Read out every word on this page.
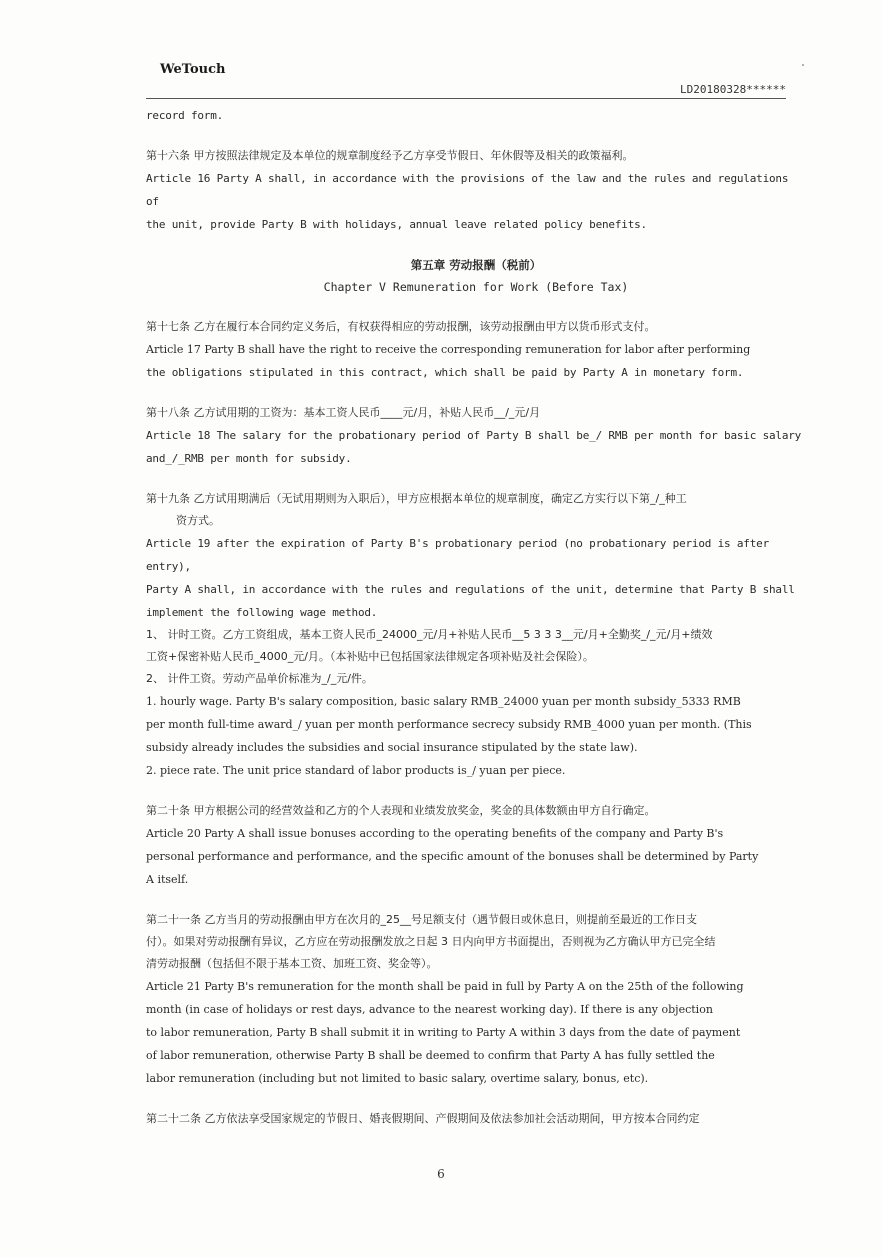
WeTouch
LD20180328******

record form.

第十六条 甲方按照法律规定及本单位的规章制度经予乙方享受节假日、年休假等及相关的政策福利。

Article 16 Party A shall, in accordance with the provisions of the law and the rules and regulations of

the unit, provide Party B with holidays, annual leave related policy benefits.

第五章 劳动报酬（税前）

Chapter V Remuneration for Work (Before Tax)

第十七条 乙方在履行本合同约定义务后，有权获得相应的劳动报酬，该劳动报酬由甲方以货币形式支付。

Article 17 Party B shall have the right to receive the corresponding remuneration for labor after performing

the obligations stipulated in this contract, which shall be paid by Party A in monetary form.

第十八条 乙方试用期的工资为：基本工资人民币____元/月，补贴人民币__/_元/月

Article 18 The salary for the probationary period of Party B shall be_/ RMB per month for basic salary

and_/_RMB per month for subsidy.

第十九条 乙方试用期满后（无试用期则为入职后），甲方应根据本单位的规章制度，确定乙方实行以下第_/_种工

资方式。

Article 19 after the expiration of Party B's probationary period (no probationary period is after entry),

Party A shall, in accordance with the rules and regulations of the unit, determine that Party B shall

implement the following wage method.

1、 计时工资。乙方工资组成，基本工资人民币_24000_元/月+补贴人民币__5 3 3 3__元/月+全勤奖_/_元/月+绩效

工资+保密补贴人民币_4000_元/月。（本补贴中已包括国家法律规定各项补贴及社会保险）。

2、 计件工资。劳动产品单价标准为_/_元/件。

1. hourly wage. Party B's salary composition, basic salary RMB_24000 yuan per month subsidy_5333 RMB

per month full-time award_/ yuan per month performance secrecy subsidy RMB_4000 yuan per month. (This

subsidy already includes the subsidies and social insurance stipulated by the state law).

2. piece rate. The unit price standard of labor products is_/ yuan per piece.

第二十条 甲方根据公司的经营效益和乙方的个人表现和业绩发放奖金，奖金的具体数额由甲方自行确定。

Article 20 Party A shall issue bonuses according to the operating benefits of the company and Party B's

personal performance and performance, and the specific amount of the bonuses shall be determined by Party

A itself.

第二十一条 乙方当月的劳动报酬由甲方在次月的_25__号足额支付（遇节假日或休息日，则提前至最近的工作日支

付）。如果对劳动报酬有异议，乙方应在劳动报酬发放之日起 3 日内向甲方书面提出，否则视为乙方确认甲方已完全结

清劳动报酬（包括但不限于基本工资、加班工资、奖金等）。

Article 21 Party B's remuneration for the month shall be paid in full by Party A on the 25th of the following

month (in case of holidays or rest days, advance to the nearest working day). If there is any objection

to labor remuneration, Party B shall submit it in writing to Party A within 3 days from the date of payment

of labor remuneration, otherwise Party B shall be deemed to confirm that Party A has fully settled the

labor remuneration (including but not limited to basic salary, overtime salary, bonus, etc).

第二十二条 乙方依法享受国家规定的节假日、婚丧假期间、产假期间及依法参加社会活动期间，甲方按本合同约定

6
